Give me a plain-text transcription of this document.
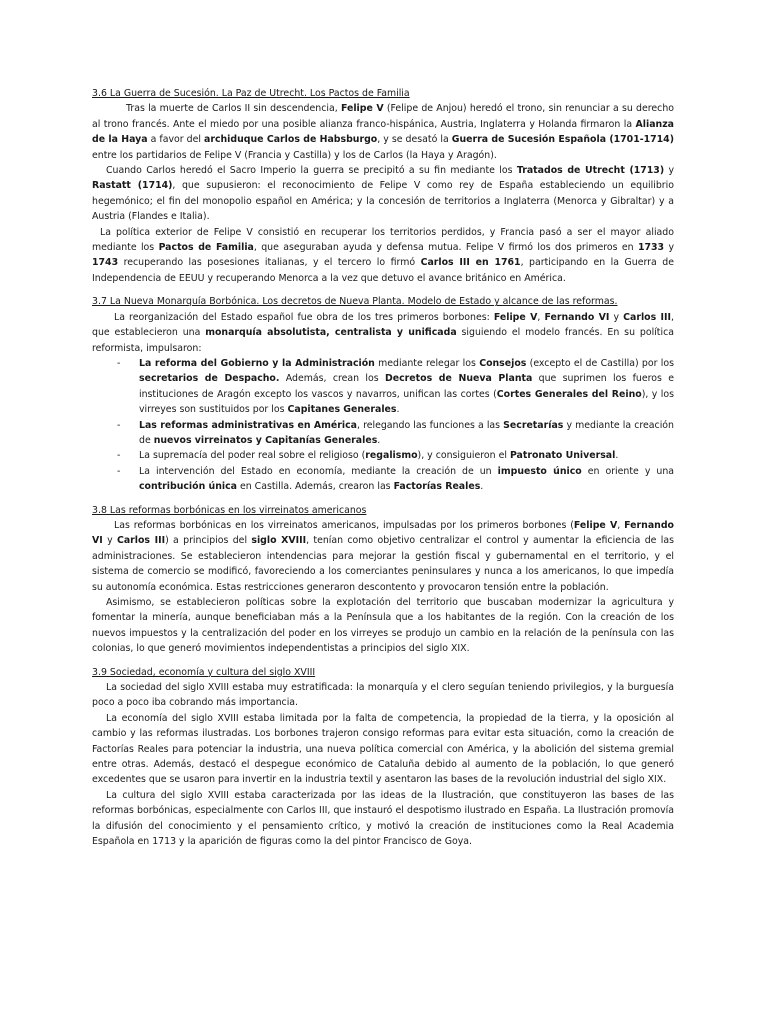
3.6 La Guerra de Sucesión. La Paz de Utrecht. Los Pactos de Familia
Tras la muerte de Carlos II sin descendencia, Felipe V (Felipe de Anjou) heredó el trono, sin renunciar a su derecho al trono francés. Ante el miedo por una posible alianza franco-hispánica, Austria, Inglaterra y Holanda firmaron la Alianza de la Haya a favor del archiduque Carlos de Habsburgo, y se desató la Guerra de Sucesión Española (1701-1714) entre los partidarios de Felipe V (Francia y Castilla) y los de Carlos (la Haya y Aragón).
Cuando Carlos heredó el Sacro Imperio la guerra se precipitó a su fin mediante los Tratados de Utrecht (1713) y Rastatt (1714), que supusieron: el reconocimiento de Felipe V como rey de España estableciendo un equilibrio hegemónico; el fin del monopolio español en América; y la concesión de territorios a Inglaterra (Menorca y Gibraltar) y a Austria (Flandes e Italia).
La política exterior de Felipe V consistió en recuperar los territorios perdidos, y Francia pasó a ser el mayor aliado mediante los Pactos de Familia, que aseguraban ayuda y defensa mutua. Felipe V firmó los dos primeros en 1733 y 1743 recuperando las posesiones italianas, y el tercero lo firmó Carlos III en 1761, participando en la Guerra de Independencia de EEUU y recuperando Menorca a la vez que detuvo el avance británico en América.
3.7 La Nueva Monarquía Borbónica. Los decretos de Nueva Planta. Modelo de Estado y alcance de las reformas.
La reorganización del Estado español fue obra de los tres primeros borbones: Felipe V, Fernando VI y Carlos III, que establecieron una monarquía absolutista, centralista y unificada siguiendo el modelo francés. En su política reformista, impulsaron:
- La reforma del Gobierno y la Administración mediante relegar los Consejos (excepto el de Castilla) por los secretarios de Despacho. Además, crean los Decretos de Nueva Planta que suprimen los fueros e instituciones de Aragón excepto los vascos y navarros, unifican las cortes (Cortes Generales del Reino), y los virreyes son sustituidos por los Capitanes Generales.
- Las reformas administrativas en América, relegando las funciones a las Secretarías y mediante la creación de nuevos virreinatos y Capitanías Generales.
- La supremacía del poder real sobre el religioso (regalismo), y consiguieron el Patronato Universal.
- La intervención del Estado en economía, mediante la creación de un impuesto único en oriente y una contribución única en Castilla. Además, crearon las Factorías Reales.
3.8 Las reformas borbónicas en los virreinatos americanos
Las reformas borbónicas en los virreinatos americanos, impulsadas por los primeros borbones (Felipe V, Fernando VI y Carlos III) a principios del siglo XVIII, tenían como objetivo centralizar el control y aumentar la eficiencia de las administraciones. Se establecieron intendencias para mejorar la gestión fiscal y gubernamental en el territorio, y el sistema de comercio se modificó, favoreciendo a los comerciantes peninsulares y nunca a los americanos, lo que impedía su autonomía económica. Estas restricciones generaron descontento y provocaron tensión entre la población.
Asimismo, se establecieron políticas sobre la explotación del territorio que buscaban modernizar la agricultura y fomentar la minería, aunque beneficiaban más a la Península que a los habitantes de la región. Con la creación de los nuevos impuestos y la centralización del poder en los virreyes se produjo un cambio en la relación de la península con las colonias, lo que generó movimientos independentistas a principios del siglo XIX.
3.9 Sociedad, economía y cultura del siglo XVIII
La sociedad del siglo XVIII estaba muy estratificada: la monarquía y el clero seguían teniendo privilegios, y la burguesía poco a poco iba cobrando más importancia.
La economía del siglo XVIII estaba limitada por la falta de competencia, la propiedad de la tierra, y la oposición al cambio y las reformas ilustradas. Los borbones trajeron consigo reformas para evitar esta situación, como la creación de Factorías Reales para potenciar la industria, una nueva política comercial con América, y la abolición del sistema gremial entre otras. Además, destacó el despegue económico de Cataluña debido al aumento de la población, lo que generó excedentes que se usaron para invertir en la industria textil y asentaron las bases de la revolución industrial del siglo XIX.
La cultura del siglo XVIII estaba caracterizada por las ideas de la Ilustración, que constituyeron las bases de las reformas borbónicas, especialmente con Carlos III, que instauró el despotismo ilustrado en España. La Ilustración promovía la difusión del conocimiento y el pensamiento crítico, y motivó la creación de instituciones como la Real Academia Española en 1713 y la aparición de figuras como la del pintor Francisco de Goya.
